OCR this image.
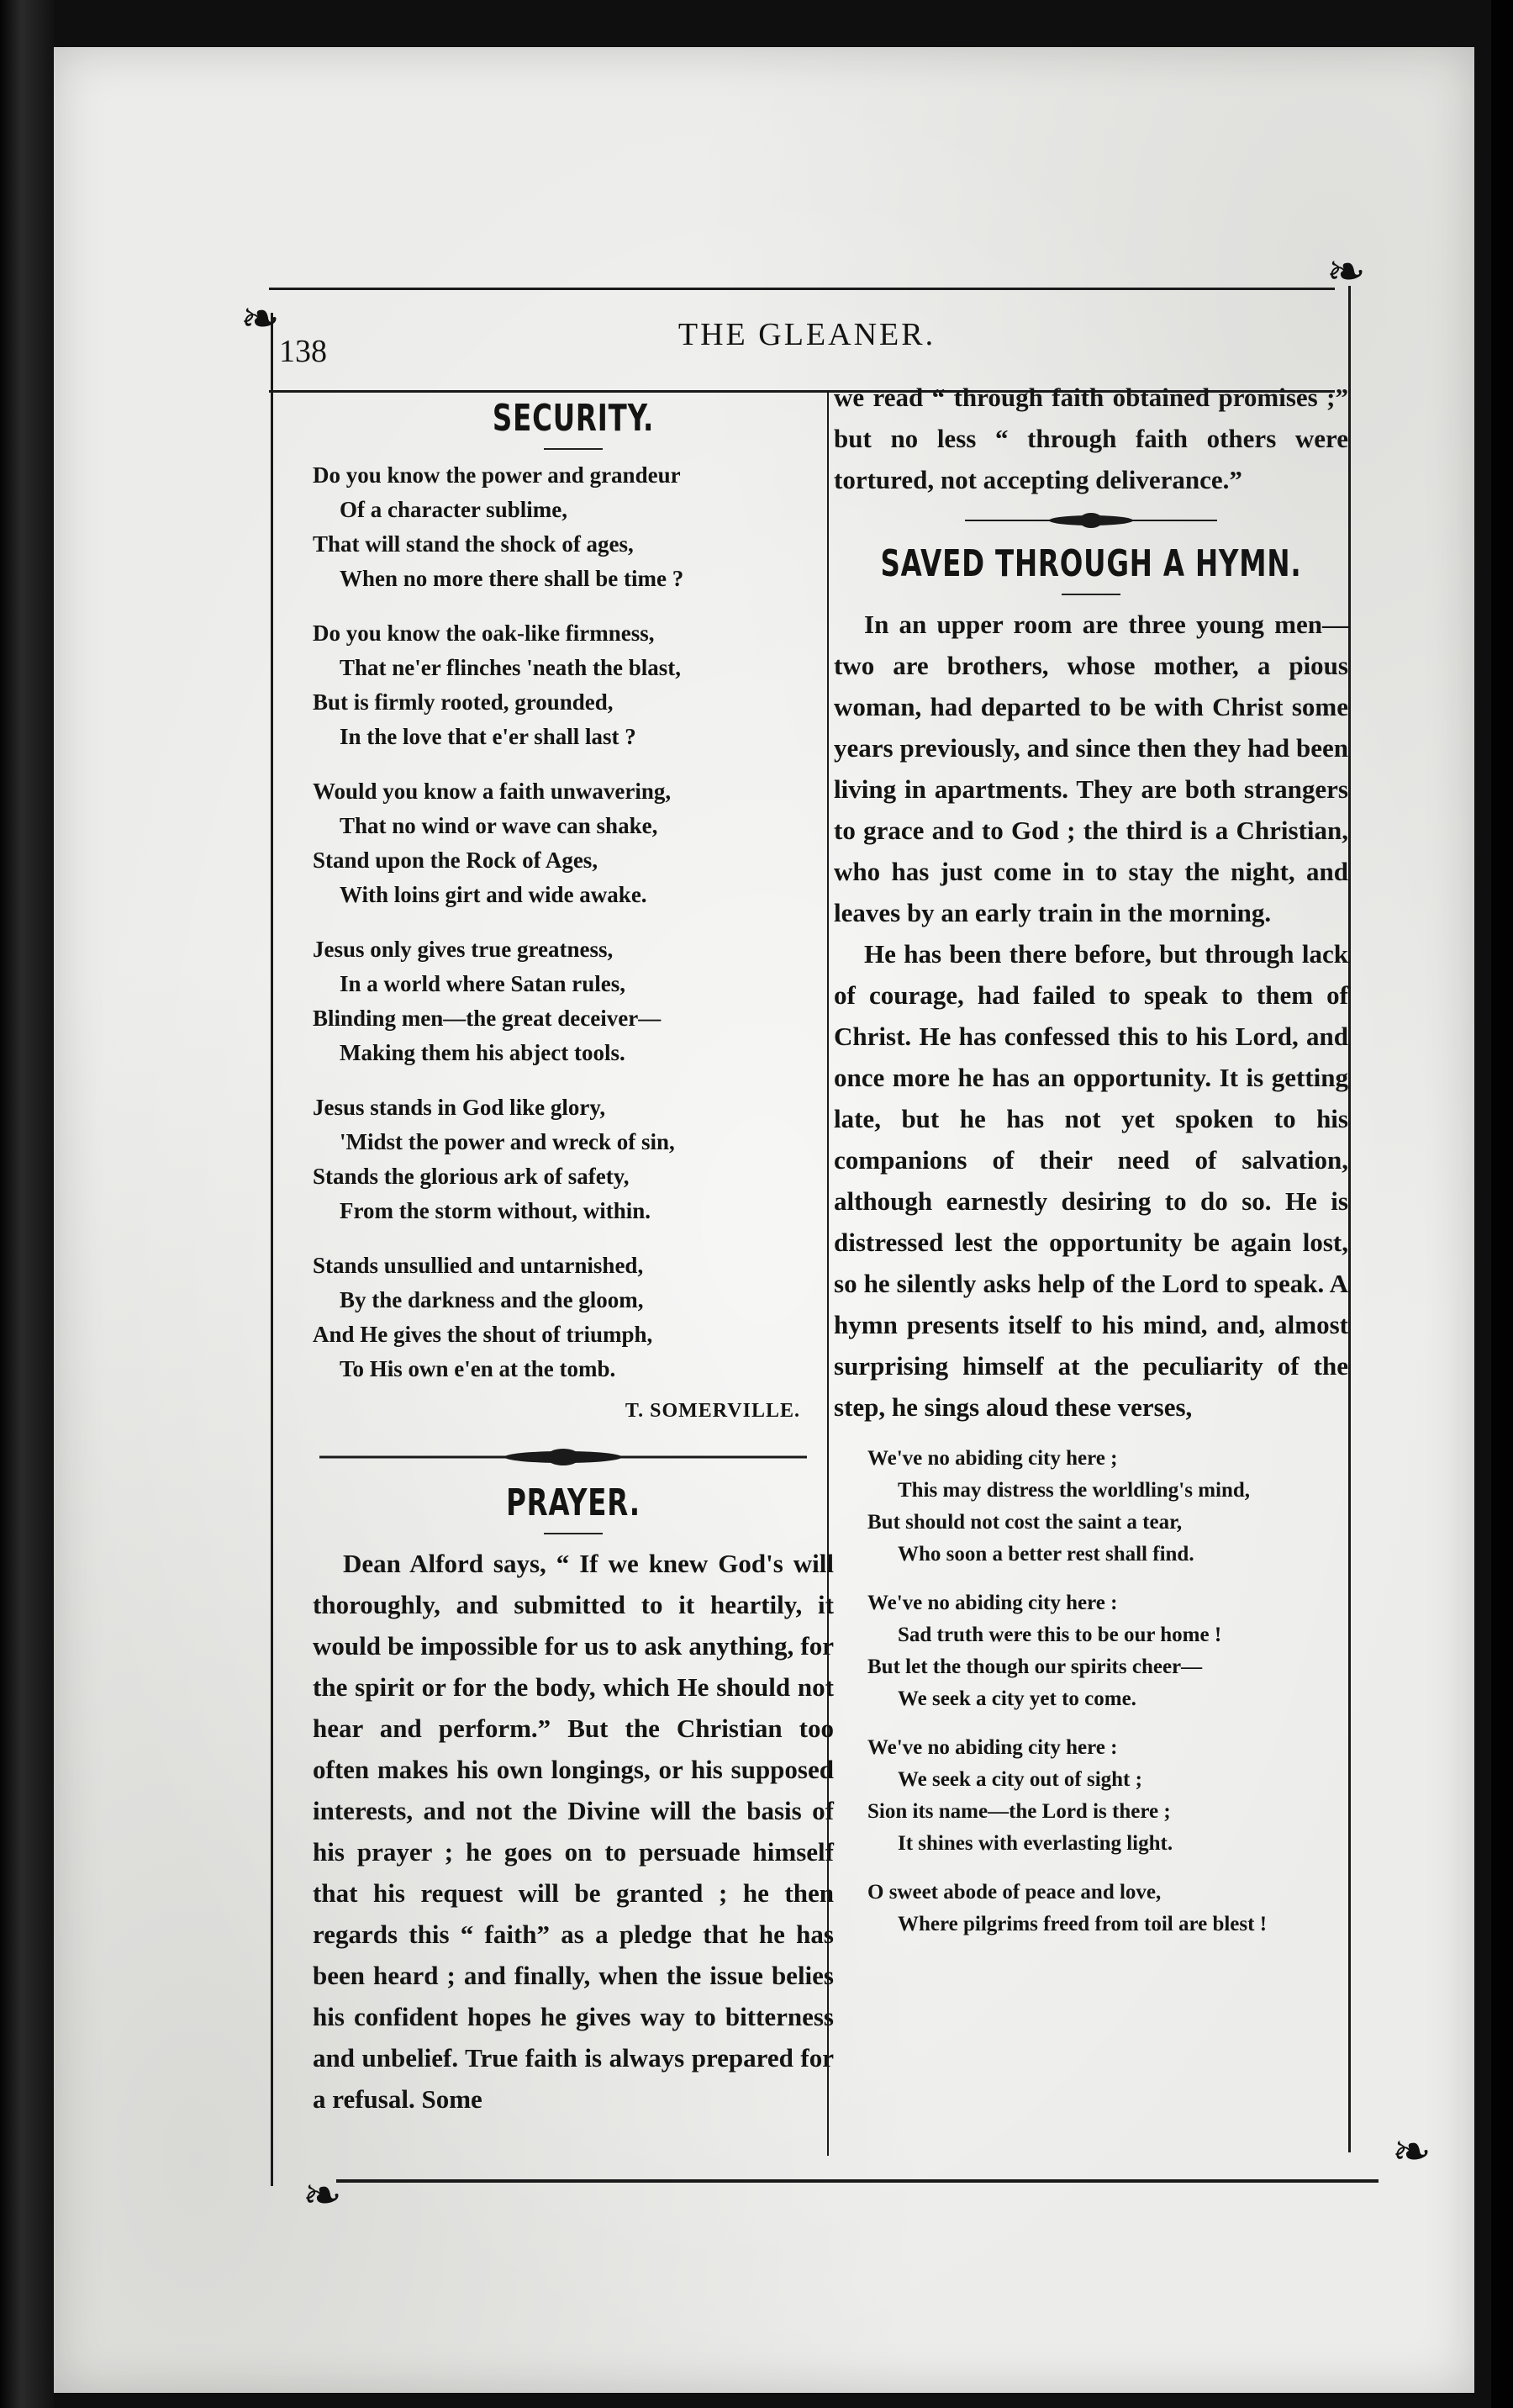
❧
❧
❧
❧
138	THE GLEANER.
SECURITY.
Do you know the power and grandeur
Of a character sublime,
That will stand the shock of ages,
When no more there shall be time ?
Do you know the oak-like firmness,
That ne'er flinches 'neath the blast,
But is firmly rooted, grounded,
In the love that e'er shall last ?
Would you know a faith unwavering,
That no wind or wave can shake,
Stand upon the Rock of Ages,
With loins girt and wide awake.
Jesus only gives true greatness,
In a world where Satan rules,
Blinding men—the great deceiver—
Making them his abject tools.
Jesus stands in God like glory,
'Midst the power and wreck of sin,
Stands the glorious ark of safety,
From the storm without, within.
Stands unsullied and untarnished,
By the darkness and the gloom,
And He gives the shout of triumph,
To His own e'en at the tomb.
T. SOMERVILLE.
PRAYER.

Dean Alford says, “ If we knew God's will thoroughly, and submitted to it heartily, it would be impossible for us to ask anything, for the spirit or for the body, which He should not hear and perform.” But the Christian too often makes his own longings, or his supposed interests, and not the Divine will the basis of his prayer ; he goes on to persuade himself that his request will be granted ; he then regards this “ faith” as a pledge that he has been heard ; and finally, when the issue belies his confident hopes he gives way to bitterness and unbelief. True faith is always prepared for a refusal. Some

we read “ through faith obtained promises ;” but no less “ through faith others were tortured, not accepting deliverance.”

SAVED THROUGH A HYMN.

In an upper room are three young men—two are brothers, whose mother, a pious woman, had departed to be with Christ some years previously, and since then they had been living in apartments. They are both strangers to grace and to God ; the third is a Christian, who has just come in to stay the night, and leaves by an early train in the morning.

He has been there before, but through lack of courage, had failed to speak to them of Christ. He has confessed this to his Lord, and once more he has an opportunity. It is getting late, but he has not yet spoken to his companions of their need of salvation, although earnestly desiring to do so. He is distressed lest the opportunity be again lost, so he silently asks help of the Lord to speak. A hymn presents itself to his mind, and, almost surprising himself at the peculiarity of the step, he sings aloud these verses,

We've no abiding city here ;
This may distress the worldling's mind,
But should not cost the saint a tear,
Who soon a better rest shall find.
We've no abiding city here :
Sad truth were this to be our home !
But let the though our spirits cheer—
We seek a city yet to come.
We've no abiding city here :
We seek a city out of sight ;
Sion its name—the Lord is there ;
It shines with everlasting light.
O sweet abode of peace and love,
Where pilgrims freed from toil are blest !
